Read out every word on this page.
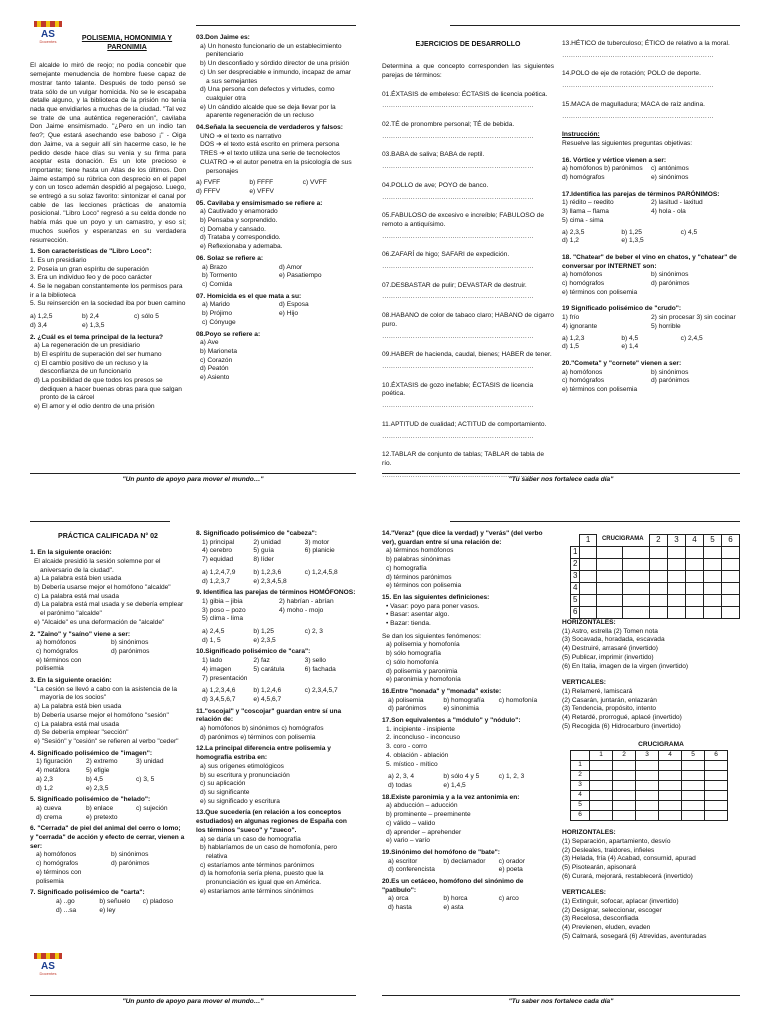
"Un punto de apoyo para mover el mundo…"	"Tu saber nos fortalece cada día"
"Un punto de apoyo para mover el mundo…"	"Tu saber nos fortalece cada día"
AS
Docentes
AS
Docentes
POLISEMIA, HOMONIMIA Y
PARONIMIA

El alcalde lo miró de reojo; no podía concebir que semejante menudencia de hombre fuese capaz de mostrar tanto talante. Después de todo pensó se trata sólo de un vulgar homicida. No se le escapaba detalle alguno, y la biblioteca de la prisión no tenía nada que envidiarles a muchas de la ciudad. "Tal vez se trate de una auténtica regeneración", cavilaba Don Jaime ensimismado. "¿Pero en un indio tan feo?; Que estará asechando ese baboso ¡" - Oiga don Jaime, va a seguir allí sin hacerme caso, le he pedido desde hace días su venia y su firma para aceptar esta donación. Es un lote precioso e importante; tiene hasta un Atlas de los últimos. Don Jaime estampó su rúbrica con desprecio en el papel y con un tosco ademán despidió al pegajoso. Luego, se entregó a su solaz favorito: sintonizar el canal por cable de las lecciones prácticas de anatomía posicional. "Libro Loco" regresó a su celda donde no había más que un poyo y un camastro, y eso sí; muchos sueños y esperanzas en su verdadera resurrección.

1. Son características de "Libro Loco":
1. Es un presidiario
2. Poseía un gran espíritu de superación
3. Era un individuo feo y de poco carácter
4. Se le negaban constantemente los permisos para ir a la biblioteca
5. Su reinserción en la sociedad iba por buen camino
a) 1,2,5	b) 2,4	c) sólo 5
d) 3,4	e) 1,3,5
2. ¿Cuál es el tema principal de la lectura?
a) La regeneración de un presidiario
b) El espíritu de superación del ser humano
c) El cambio positivo de un recluso y la desconfianza de un funcionario
d) La posibilidad de que todos los presos se dediquen a hacer buenas obras para que salgan pronto de la cárcel
e) El amor y el odio dentro de una prisión
03.Don Jaime es:
a) Un honesto funcionario de un establecimiento penitenciario
b) Un desconfiado y sórdido director de una prisión
c) Un ser despreciable e inmundo, incapaz de amar a sus semejantes
d) Una persona con defectos y virtudes, como cualquier otra
e) Un cándido alcalde que se deja llevar por la aparente regeneración de un recluso
04.Señala la secuencia de verdaderos y falsos:
UNO ➔ el texto es narrativo
DOS ➔ el texto está escrito en primera persona
TRES ➔ el texto utiliza una serie de tecnolectos
CUATRO ➔ el autor penetra en la psicología de sus personajes
a) FVFF	b) FFFF	c) VVFF
d) FFFV	e) VFFV
05. Cavilaba y ensimismado se refiere a:
a) Cautivado y enamorado
b) Pensaba y sorprendido.
c) Domaba y cansado.
d) Trataba y correspondido.
e) Reflexionaba y ademaba.
06. Solaz se refiere a:
a) Brazo	d) Amor
b) Tormento	e) Pasatiempo
c) Comida
07. Homicida es el que mata a su:
a) Marido	d) Esposa
b) Prójimo	e) Hijo
c) Cónyuge
08.Poyo se refiere a:
a) Ave
b) Marioneta
c) Corazón
d) Peatón
e) Asiento
EJERCICIOS DE DESARROLLO

Determina a que concepto corresponden las siguientes parejas de términos:

01.ÉXTASIS de embeleso: ÉCTASIS de licencia poética.
……………………………………………………………
02.TÉ de pronombre personal; TÉ de bebida.
……………………………………………………………
03.BABA de saliva; BABA de reptil.
……………………………………………………………
04.POLLO de ave; POYO de banco.
……………………………………………………………
05.FABULOSO de excesivo e increíble; FABULOSO de remoto a antiquísimo.
……………………………………………………………
06.ZAFARÍ de higo; SAFARI de expedición.
……………………………………………………………
07.DESBASTAR de pulir; DEVASTAR de destruir.
……………………………………………………………
08.HABANO de color de tabaco claro; HABANO de cigarro puro.
……………………………………………………………
09.HABER de hacienda, caudal, bienes; HABER de tener.
……………………………………………………………
10.ÉXTASIS de gozo inefable; ÉCTASIS de licencia poética.
……………………………………………………………
11.APTITUD de cualidad; ACTITUD de comportamiento.
……………………………………………………………
12.TABLAR de conjunto de tablas; TABLAR de tabla de río.
……………………………………………………………
13.HÉTICO de tuberculoso; ÉTICO de relativo a la moral.
……………………………………………………………
14.POLO de eje de rotación; POLO de deporte.
……………………………………………………………
15.MACA de magulladura; MACA de raíz andina.
……………………………………………………………
Instrucción:
Resuelve las siguientes preguntas objetivas:
16. Vórtice y vértice vienen a ser:
a) homófonos b) parónimos	c) antónimos
d) homógrafos	e) sinónimos
17.Identifica las parejas de términos PARÓNIMOS:
1) rédito – reedito	2) lasitud - laxitud
3) llama – flama	4) hola - ola
5) cima - sima
a) 2,3,5	b) 1,25	c) 4,5
d) 1,2	e) 1,3,5
18. "Chatear" de beber el vino en chatos, y "chatear" de conversar por INTERNET son:
a) homófonos	b) sinónimos
c) homógrafos	d) parónimos
e) términos con polisemia
19 Significado polisémico de "crudo":
1) frío	2) sin procesar 3) sin cocinar
4) ignorante	5) horrible
a) 1,2,3	b) 4,5	c) 2,4,5
d) 1,5	e) 1,4
20."Cometa" y "cornete" vienen a ser:
a) homófonos	b) sinónimos
c) homógrafos	d) parónimos
e) términos con polisemia
PRÁCTICA CALIFICADA N° 02
1. En la siguiente oración:
El alcaide presidió la sesión solemne por el aniversario de la ciudad".
a) La palabra está bien usada
b) Debería usarse mejor el homófono "alcalde"
c) La palabra está mal usada
d) La palabra está mal usada y se debería emplear el parónimo "alcalde"
e) "Alcaide" es una deformación de "alcalde"
2. "Zaino" y "saíno" viene a ser:
a) homófonos	b) sinónimos
c) homógrafos	d) parónimos
e) términos con polisemia
3. En la siguiente oración:
"La cesión se llevó a cabo con la asistencia de la mayoría de los socios"
a) La palabra está bien usada
b) Debería usarse mejor el homófono "sesión"
c) La palabra está mal usada
d) Se debería emplear "sección"
e) "Sesión" y "cesión" se refieren al verbo "ceder"
4. Significado polisémico de "imagen":
1) figuración	2) extremo	3) unidad
4) metáfora	5) efigie
a) 2,3	b) 4,5	c) 3, 5
d) 1,2	e) 2,3,5
5. Significado polisémico de "helado":
a) cueva	b) enlace	c) sujeción
d) crema	e) pretexto
6. "Cerrada" de piel del animal del cerro o lomo; y "cerrada" de acción y efecto de cerrar, vienen a ser:
a) homófonos	b) sinónimos
c) homógrafos	d) parónimos
e) términos con polisemia
7. Significado polisémico de "carta":
a) ..go	b) señuelo	c) pladoso
d) ...sa	e) ley
8. Significado polisémico de "cabeza":
1) principal	2) unidad	3) motor
4) cerebro	5) guía	6) planicie
7) equidad	8) líder
a) 1,2,4,7,9	b) 1,2,3,6	c) 1,2,4,5,8
d) 1,2,3,7	e) 2,3,4,5,8
9. Identifica las parejas de términos HOMÓFONOS:
1) gibia – jibia	2) habrían - abrían
3) poso – pozo	4) moho - mojo
5) clima - lima
a) 2,4,5	b) 1,25	c) 2, 3
d) 1, 5	e) 2,3,5
10.Significado polisémico de "cara":
1) lado	2) faz	3) sello
4) imagen	5) carátula	6) fachada
7) presentación
a) 1,2,3,4,6	b) 1,2,4,6	c) 2,3,4,5,7
d) 3,4,5,6,7	e) 4,5,6,7
11."oscojal" y "coscojar" guardan entre sí una relación de:
a) homófonos b) sinónimos c) homógrafos
d) parónimos e) términos con polisemia
12.La principal diferencia entre polisemia y homografía estriba en:
a) sus orígenes etimológicos
b) su escritura y pronunciación
c) su aplicación
d) su significante
e) su significado y escritura
13.Que sucedería (en relación a los conceptos estudiados) en algunas regiones de España con los términos "sueco" y "zueco".
a) se daría un caso de homografía
b) hablaríamos de un caso de homofonía, pero relativa
c) estaríamos ante términos parónimos
d) la homofonía sería plena, puesto que la pronunciación es igual que en América.
e) estaríamos ante términos sinónimos
14."Veraz" (que dice la verdad) y "verás" (del verbo ver), guardan entre sí una relación de:
a) términos homófonos
b) palabras sinónimas
c) homografía
d) términos parónimos
e) términos con polisemia
15. En las siguientes definiciones:
• Vasar: poyo para poner vasos.
• Basar: asentar algo.
• Bazar: tienda.
Se dan los siguientes fenómenos:
a) polisemia y homofonía
b) sólo homografía
c) sólo homofonía
d) polisemia y paronimia
e) paronimia y homofonía
16.Entre "nonada" y "monada" existe:
a) polisemia	b) homografía	c) homofonía
d) parónimos	e) sinonimia
17.Son equivalentes a "módulo" y "nódulo":
1. incipiente - insipiente
2. inconcluso - inconcuso
3. coro - corro
4. oblación - ablación
5. místico - mítico
a) 2, 3, 4	b) sólo 4 y 5	c) 1, 2, 3
d) todas	e) 1,4,5
18.Existe paronimia y a la vez antonimia en:
a) abducción – aducción
b) prominente – preeminente
c) válido – valido
d) aprender – aprehender
e) vario – varío
19.Sinónimo del homófono de "bate":
a) escritor	b) declamador	c) orador
d) conferencista	e) poeta
20.Es un cetáceo, homófono del sinónimo de "patíbulo":
a) orca	b) horca	c) arco
d) hasta	e) asta
	1	CRUCIGRAMA		2	3	4	5	6
1								
2								
3								
4								
5								
6								
HORIZONTALES:
(1) Astro, estrella (2) Tomen nota
(3) Socavada, horadada, escavada
(4) Destruiré, arrasaré (invertido)
(5) Publicar, imprimir (invertido)
(6) En Italia, imagen de la virgen (invertido)
VERTICALES:
(1) Relameré, lamiscará
(2) Casarán, juntarán, enlazarán
(3) Tendencia, propósito, intento
(4) Retardé, prorrogué, aplacé (invertido)
(5) Recogida (6) Hidrocarburo (invertido)
CRUCIGRAMA
	1	2	3	4	5	6
1						
2						
3						
4						
5						
6						
HORIZONTALES:
(1) Separación, apartamiento, desvío
(2) Desleales, traidores, infieles
(3) Helada, fría (4) Acabad, consumid, apurad
(5) Pisotearán, apisonará
(6) Curará, mejorará, restablecerá (invertido)
VERTICALES:
(1) Extinguir, sofocar, aplacar (invertido)
(2) Designar, seleccionar, escoger
(3) Recelosa, desconfiada
(4) Previenen, eluden, evaden
(5) Calmará, sosegará (6) Atrevidas, aventuradas
